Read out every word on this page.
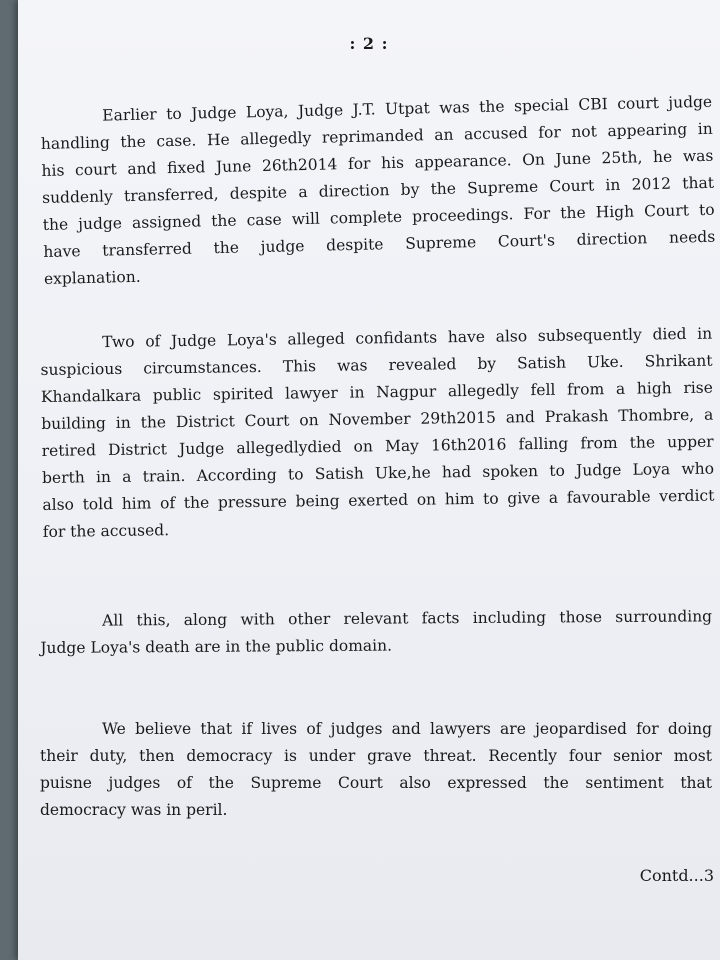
: 2 :
Earlier to Judge Loya, Judge J.T. Utpat was the special CBI court judge
handling the case. He allegedly reprimanded an accused for not appearing in
his court and fixed June 26th2014 for his appearance. On June 25th, he was
suddenly transferred, despite a direction by the Supreme Court in 2012 that
the judge assigned the case will complete proceedings. For the High Court to
have transferred the judge despite Supreme Court's direction needs
explanation.
Two of Judge Loya's alleged confidants have also subsequently died in
suspicious circumstances. This was revealed by Satish Uke. Shrikant
Khandalkara public spirited lawyer in Nagpur allegedly fell from a high rise
building in the District Court on November 29th2015 and Prakash Thombre, a
retired District Judge allegedlydied on May 16th2016 falling from the upper
berth in a train. According to Satish Uke,he had spoken to Judge Loya who
also told him of the pressure being exerted on him to give a favourable verdict
for the accused.
All this, along with other relevant facts including those surrounding
Judge Loya's death are in the public domain.
We believe that if lives of judges and lawyers are jeopardised for doing
their duty, then democracy is under grave threat. Recently four senior most
puisne judges of the Supreme Court also expressed the sentiment that
democracy was in peril.
Contd...3
